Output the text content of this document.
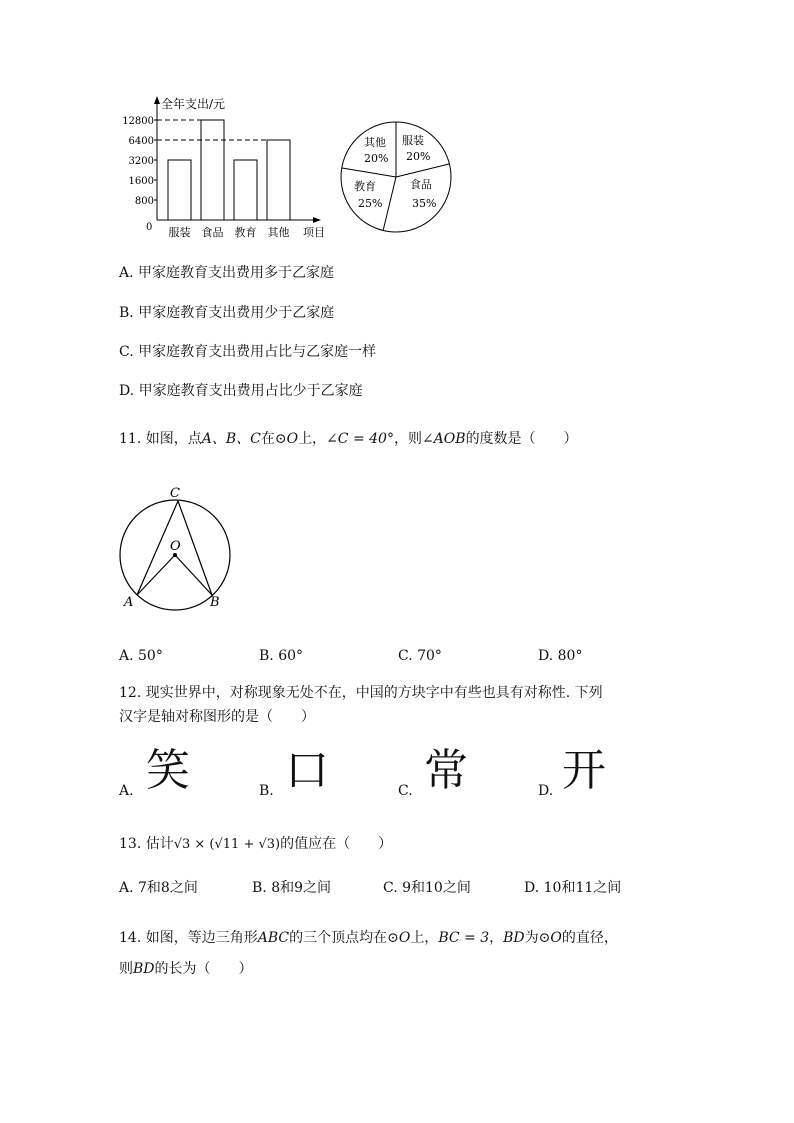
全年支出/元
项目
0
800
1600
3200
6400
12800
服装 食品 教育 其他
其他
20%
服装
20%
教育
25%
食品
35%
A. 甲家庭教育支出费用多于乙家庭
B. 甲家庭教育支出费用少于乙家庭
C. 甲家庭教育支出费用占比与乙家庭一样
D. 甲家庭教育支出费用占比少于乙家庭
11. 如图，点A、B、C在⊙O上，∠C = 40°，则∠AOB的度数是（　　）
C
O
A	B
A. 50°	B. 60°	C. 70°	D. 80°
12. 现实世界中，对称现象无处不在，中国的方块字中有些也具有对称性. 下列
汉字是轴对称图形的是（　　）
A. 笑	B. 口	C. 常	D. 开
13. 估计√3 × (√11 + √3)的值应在（　　）
A. 7和8之间	B. 8和9之间	C. 9和10之间	D. 10和11之间
14. 如图，等边三角形ABC的三个顶点均在⊙O上，BC = 3，BD为⊙O的直径，
则BD的长为（　　）
